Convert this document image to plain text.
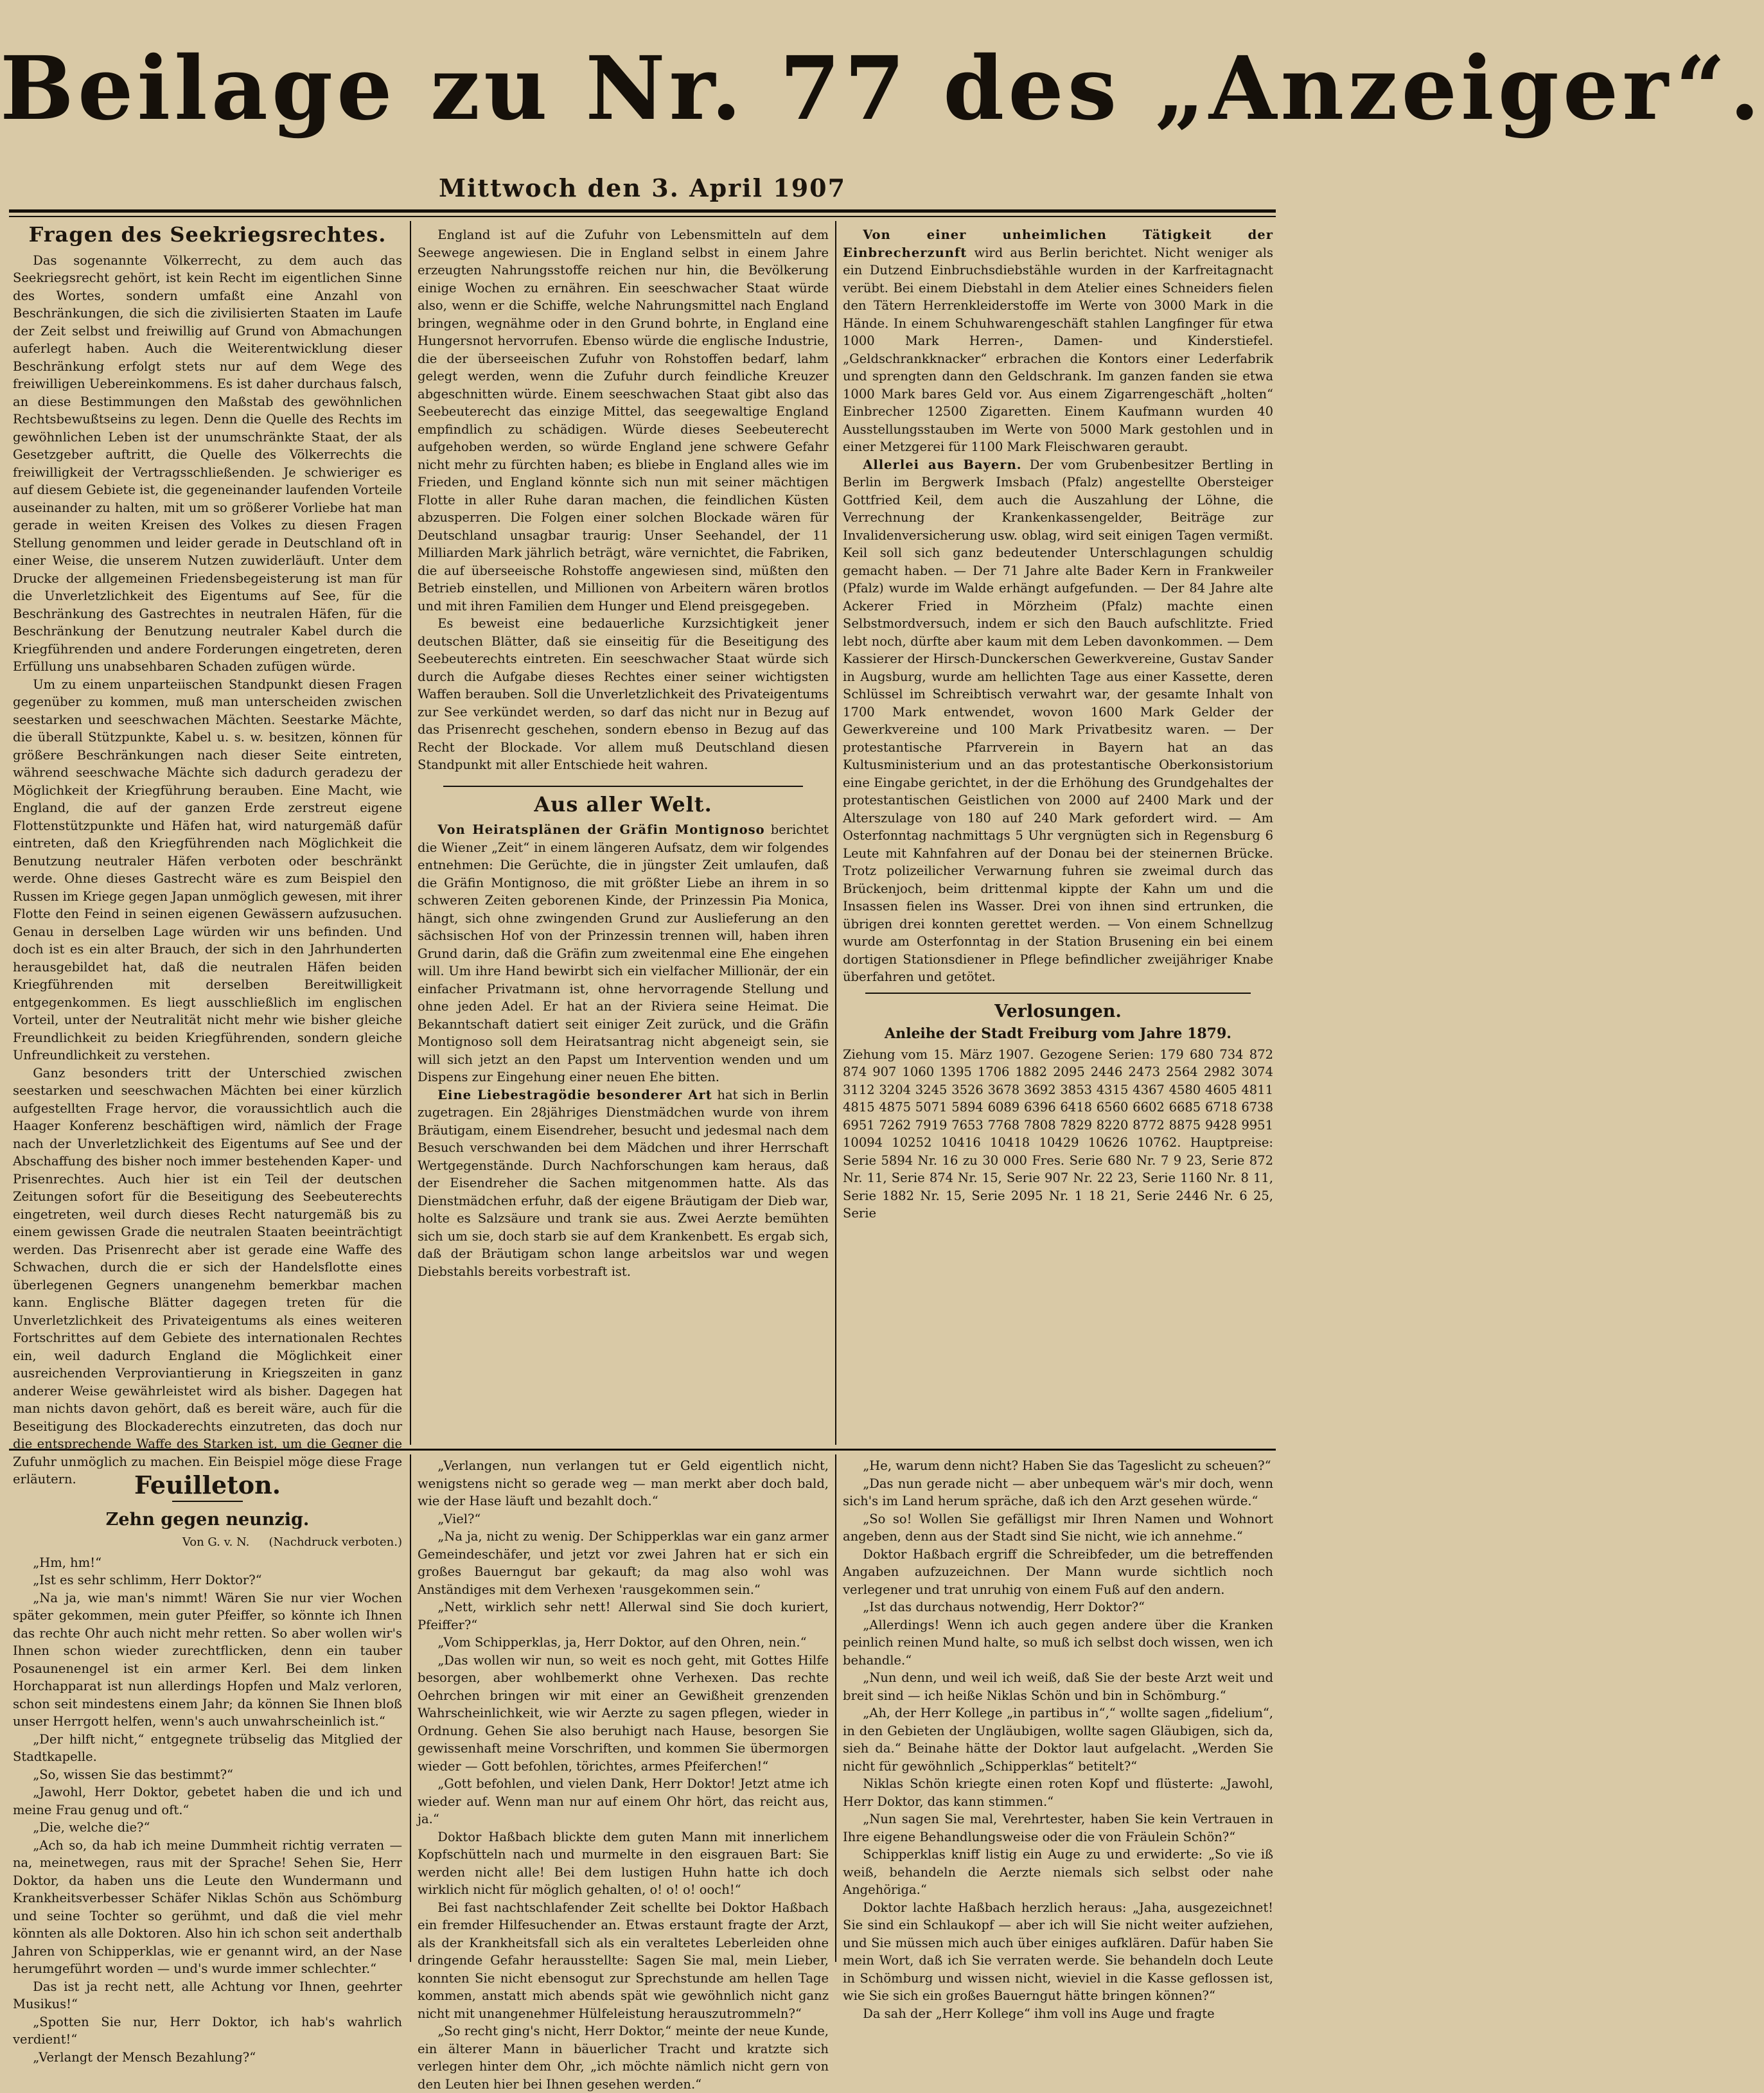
Beilage zu Nr. 77 des „Anzeiger“.
Mittwoch den 3. April 1907
Fragen des Seekriegsrechtes.

Das sogenannte Völkerrecht, zu dem auch das Seekriegsrecht gehört, ist kein Recht im eigentlichen Sinne des Wortes, sondern umfaßt eine Anzahl von Beschränkungen, die sich die zivilisierten Staaten im Laufe der Zeit selbst und freiwillig auf Grund von Abmachungen auferlegt haben. Auch die Weiterentwicklung dieser Beschränkung erfolgt stets nur auf dem Wege des freiwilligen Uebereinkommens. Es ist daher durchaus falsch, an diese Bestimmungen den Maßstab des gewöhnlichen Rechtsbewußtseins zu legen. Denn die Quelle des Rechts im gewöhnlichen Leben ist der unumschränkte Staat, der als Gesetzgeber auftritt, die Quelle des Völkerrechts die freiwilligkeit der Vertragsschließenden. Je schwieriger es auf diesem Gebiete ist, die gegeneinander laufenden Vorteile auseinander zu halten, mit um so größerer Vorliebe hat man gerade in weiten Kreisen des Volkes zu diesen Fragen Stellung genommen und leider gerade in Deutschland oft in einer Weise, die unserem Nutzen zuwiderläuft. Unter dem Drucke der allgemeinen Friedensbegeisterung ist man für die Unverletzlichkeit des Eigentums auf See, für die Beschränkung des Gastrechtes in neutralen Häfen, für die Beschränkung der Benutzung neutraler Kabel durch die Kriegführenden und andere Forderungen eingetreten, deren Erfüllung uns unabsehbaren Schaden zufügen würde.

Um zu einem unparteiischen Standpunkt diesen Fragen gegenüber zu kommen, muß man unterscheiden zwischen seestarken und seeschwachen Mächten. Seestarke Mächte, die überall Stützpunkte, Kabel u. s. w. besitzen, können für größere Beschränkungen nach dieser Seite eintreten, während seeschwache Mächte sich dadurch geradezu der Möglichkeit der Kriegführung berauben. Eine Macht, wie England, die auf der ganzen Erde zerstreut eigene Flottenstützpunkte und Häfen hat, wird naturgemäß dafür eintreten, daß den Kriegführenden nach Möglichkeit die Benutzung neutraler Häfen verboten oder beschränkt werde. Ohne dieses Gastrecht wäre es zum Beispiel den Russen im Kriege gegen Japan unmöglich gewesen, mit ihrer Flotte den Feind in seinen eigenen Gewässern aufzusuchen. Genau in derselben Lage würden wir uns befinden. Und doch ist es ein alter Brauch, der sich in den Jahrhunderten herausgebildet hat, daß die neutralen Häfen beiden Kriegführenden mit derselben Bereitwilligkeit entgegenkommen. Es liegt ausschließlich im englischen Vorteil, unter der Neutralität nicht mehr wie bisher gleiche Freundlichkeit zu beiden Kriegführenden, sondern gleiche Unfreundlichkeit zu verstehen.

Ganz besonders tritt der Unterschied zwischen seestarken und seeschwachen Mächten bei einer kürzlich aufgestellten Frage hervor, die voraussichtlich auch die Haager Konferenz beschäftigen wird, nämlich der Frage nach der Unverletzlichkeit des Eigentums auf See und der Abschaffung des bisher noch immer bestehenden Kaper- und Prisenrechtes. Auch hier ist ein Teil der deutschen Zeitungen sofort für die Beseitigung des Seebeuterechts eingetreten, weil durch dieses Recht naturgemäß bis zu einem gewissen Grade die neutralen Staaten beeinträchtigt werden. Das Prisenrecht aber ist gerade eine Waffe des Schwachen, durch die er sich der Handelsflotte eines überlegenen Gegners unangenehm bemerkbar machen kann. Englische Blätter dagegen treten für die Unverletzlichkeit des Privateigentums als eines weiteren Fortschrittes auf dem Gebiete des internationalen Rechtes ein, weil dadurch England die Möglichkeit einer ausreichenden Verproviantierung in Kriegszeiten in ganz anderer Weise gewährleistet wird als bisher. Dagegen hat man nichts davon gehört, daß es bereit wäre, auch für die Beseitigung des Blockaderechts einzutreten, das doch nur die entsprechende Waffe des Starken ist, um die Gegner die Zufuhr unmöglich zu machen. Ein Beispiel möge diese Frage erläutern.

England ist auf die Zufuhr von Lebensmitteln auf dem Seewege angewiesen. Die in England selbst in einem Jahre erzeugten Nahrungsstoffe reichen nur hin, die Bevölkerung einige Wochen zu ernähren. Ein seeschwacher Staat würde also, wenn er die Schiffe, welche Nahrungsmittel nach England bringen, wegnähme oder in den Grund bohrte, in England eine Hungersnot hervorrufen. Ebenso würde die englische Industrie, die der überseeischen Zufuhr von Rohstoffen bedarf, lahm gelegt werden, wenn die Zufuhr durch feindliche Kreuzer abgeschnitten würde. Einem seeschwachen Staat gibt also das Seebeuterecht das einzige Mittel, das seegewaltige England empfindlich zu schädigen. Würde dieses Seebeuterecht aufgehoben werden, so würde England jene schwere Gefahr nicht mehr zu fürchten haben; es bliebe in England alles wie im Frieden, und England könnte sich nun mit seiner mächtigen Flotte in aller Ruhe daran machen, die feindlichen Küsten abzusperren. Die Folgen einer solchen Blockade wären für Deutschland unsagbar traurig: Unser Seehandel, der 11 Milliarden Mark jährlich beträgt, wäre vernichtet, die Fabriken, die auf überseeische Rohstoffe angewiesen sind, müßten den Betrieb einstellen, und Millionen von Arbeitern wären brotlos und mit ihren Familien dem Hunger und Elend preisgegeben.

Es beweist eine bedauerliche Kurzsichtigkeit jener deutschen Blätter, daß sie einseitig für die Beseitigung des Seebeuterechts eintreten. Ein seeschwacher Staat würde sich durch die Aufgabe dieses Rechtes einer seiner wichtigsten Waffen berauben. Soll die Unverletzlichkeit des Privateigentums zur See verkündet werden, so darf das nicht nur in Bezug auf das Prisenrecht geschehen, sondern ebenso in Bezug auf das Recht der Blockade. Vor allem muß Deutschland diesen Standpunkt mit aller Entschiede heit wahren.

Aus aller Welt.

Von Heiratsplänen der Gräfin Montignoso berichtet die Wiener „Zeit“ in einem längeren Aufsatz, dem wir folgendes entnehmen: Die Gerüchte, die in jüngster Zeit umlaufen, daß die Gräfin Montignoso, die mit größter Liebe an ihrem in so schweren Zeiten geborenen Kinde, der Prinzessin Pia Monica, hängt, sich ohne zwingenden Grund zur Auslieferung an den sächsischen Hof von der Prinzessin trennen will, haben ihren Grund darin, daß die Gräfin zum zweitenmal eine Ehe eingehen will. Um ihre Hand bewirbt sich ein vielfacher Millionär, der ein einfacher Privatmann ist, ohne hervorragende Stellung und ohne jeden Adel. Er hat an der Riviera seine Heimat. Die Bekanntschaft datiert seit einiger Zeit zurück, und die Gräfin Montignoso soll dem Heiratsantrag nicht abgeneigt sein, sie will sich jetzt an den Papst um Intervention wenden und um Dispens zur Eingehung einer neuen Ehe bitten.

Eine Liebestragödie besonderer Art hat sich in Berlin zugetragen. Ein 28jähriges Dienstmädchen wurde von ihrem Bräutigam, einem Eisendreher, besucht und jedesmal nach dem Besuch verschwanden bei dem Mädchen und ihrer Herrschaft Wertgegenstände. Durch Nachforschungen kam heraus, daß der Eisendreher die Sachen mitgenommen hatte. Als das Dienstmädchen erfuhr, daß der eigene Bräutigam der Dieb war, holte es Salzsäure und trank sie aus. Zwei Aerzte bemühten sich um sie, doch starb sie auf dem Krankenbett. Es ergab sich, daß der Bräutigam schon lange arbeitslos war und wegen Diebstahls bereits vorbestraft ist.

Von einer unheimlichen Tätigkeit der Einbrecherzunft wird aus Berlin berichtet. Nicht weniger als ein Dutzend Einbruchsdiebstähle wurden in der Karfreitagnacht verübt. Bei einem Diebstahl in dem Atelier eines Schneiders fielen den Tätern Herrenkleiderstoffe im Werte von 3000 Mark in die Hände. In einem Schuhwarengeschäft stahlen Langfinger für etwa 1000 Mark Herren-, Damen- und Kinderstiefel. „Geldschrankknacker“ erbrachen die Kontors einer Lederfabrik und sprengten dann den Geldschrank. Im ganzen fanden sie etwa 1000 Mark bares Geld vor. Aus einem Zigarrengeschäft „holten“ Einbrecher 12500 Zigaretten. Einem Kaufmann wurden 40 Ausstellungsstauben im Werte von 5000 Mark gestohlen und in einer Metzgerei für 1100 Mark Fleischwaren geraubt.

Allerlei aus Bayern. Der vom Grubenbesitzer Bertling in Berlin im Bergwerk Imsbach (Pfalz) angestellte Obersteiger Gottfried Keil, dem auch die Auszahlung der Löhne, die Verrechnung der Krankenkassengelder, Beiträge zur Invalidenversicherung usw. oblag, wird seit einigen Tagen vermißt. Keil soll sich ganz bedeutender Unterschlagungen schuldig gemacht haben. — Der 71 Jahre alte Bader Kern in Frankweiler (Pfalz) wurde im Walde erhängt aufgefunden. — Der 84 Jahre alte Ackerer Fried in Mörzheim (Pfalz) machte einen Selbstmordversuch, indem er sich den Bauch aufschlitzte. Fried lebt noch, dürfte aber kaum mit dem Leben davonkommen. — Dem Kassierer der Hirsch-Dunckerschen Gewerkvereine, Gustav Sander in Augsburg, wurde am hellichten Tage aus einer Kassette, deren Schlüssel im Schreibtisch verwahrt war, der gesamte Inhalt von 1700 Mark entwendet, wovon 1600 Mark Gelder der Gewerkvereine und 100 Mark Privatbesitz waren. — Der protestantische Pfarrverein in Bayern hat an das Kultusministerium und an das protestantische Oberkonsistorium eine Eingabe gerichtet, in der die Erhöhung des Grundgehaltes der protestantischen Geistlichen von 2000 auf 2400 Mark und der Alterszulage von 180 auf 240 Mark gefordert wird. — Am Osterfonntag nachmittags 5 Uhr vergnügten sich in Regensburg 6 Leute mit Kahnfahren auf der Donau bei der steinernen Brücke. Trotz polizeilicher Verwarnung fuhren sie zweimal durch das Brückenjoch, beim drittenmal kippte der Kahn um und die Insassen fielen ins Wasser. Drei von ihnen sind ertrunken, die übrigen drei konnten gerettet werden. — Von einem Schnellzug wurde am Osterfonntag in der Station Brusening ein bei einem dortigen Stationsdiener in Pflege befindlicher zweijähriger Knabe überfahren und getötet.

Verlosungen.
Anleihe der Stadt Freiburg vom Jahre 1879.

Ziehung vom 15. März 1907. Gezogene Serien: 179 680 734 872 874 907 1060 1395 1706 1882 2095 2446 2473 2564 2982 3074 3112 3204 3245 3526 3678 3692 3853 4315 4367 4580 4605 4811 4815 4875 5071 5894 6089 6396 6418 6560 6602 6685 6718 6738 6951 7262 7919 7653 7768 7808 7829 8220 8772 8875 9428 9951 10094 10252 10416 10418 10429 10626 10762. Hauptpreise: Serie 5894 Nr. 16 zu 30 000 Fres. Serie 680 Nr. 7 9 23, Serie 872 Nr. 11, Serie 874 Nr. 15, Serie 907 Nr. 22 23, Serie 1160 Nr. 8 11, Serie 1882 Nr. 15, Serie 2095 Nr. 1 18 21, Serie 2446 Nr. 6 25, Serie

Feuilleton.
Zehn gegen neunzig.
Von G. v. N. (Nachdruck verboten.)

„Hm, hm!“

„Ist es sehr schlimm, Herr Doktor?“

„Na ja, wie man's nimmt! Wären Sie nur vier Wochen später gekommen, mein guter Pfeiffer, so könnte ich Ihnen das rechte Ohr auch nicht mehr retten. So aber wollen wir's Ihnen schon wieder zurechtflicken, denn ein tauber Posaunenengel ist ein armer Kerl. Bei dem linken Horchapparat ist nun allerdings Hopfen und Malz verloren, schon seit mindestens einem Jahr; da können Sie Ihnen bloß unser Herrgott helfen, wenn's auch unwahrscheinlich ist.“

„Der hilft nicht,“ entgegnete trübselig das Mitglied der Stadtkapelle.

„So, wissen Sie das bestimmt?“

„Jawohl, Herr Doktor, gebetet haben die und ich und meine Frau genug und oft.“

„Die, welche die?“

„Ach so, da hab ich meine Dummheit richtig verraten — na, meinetwegen, raus mit der Sprache! Sehen Sie, Herr Doktor, da haben uns die Leute den Wundermann und Krankheitsverbesser Schäfer Niklas Schön aus Schömburg und seine Tochter so gerühmt, und daß die viel mehr könnten als alle Doktoren. Also hin ich schon seit anderthalb Jahren von Schipperklas, wie er genannt wird, an der Nase herumgeführt worden — und's wurde immer schlechter.“

Das ist ja recht nett, alle Achtung vor Ihnen, geehrter Musikus!“

„Spotten Sie nur, Herr Doktor, ich hab's wahrlich verdient!“

„Verlangt der Mensch Bezahlung?“

„Verlangen, nun verlangen tut er Geld eigentlich nicht, wenigstens nicht so gerade weg — man merkt aber doch bald, wie der Hase läuft und bezahlt doch.“

„Viel?“

„Na ja, nicht zu wenig. Der Schipperklas war ein ganz armer Gemeindeschäfer, und jetzt vor zwei Jahren hat er sich ein großes Bauerngut bar gekauft; da mag also wohl was Anständiges mit dem Verhexen 'rausgekommen sein.“

„Nett, wirklich sehr nett! Allerwal sind Sie doch kuriert, Pfeiffer?“

„Vom Schipperklas, ja, Herr Doktor, auf den Ohren, nein.“

„Das wollen wir nun, so weit es noch geht, mit Gottes Hilfe besorgen, aber wohlbemerkt ohne Verhexen. Das rechte Oehrchen bringen wir mit einer an Gewißheit grenzenden Wahrscheinlichkeit, wie wir Aerzte zu sagen pflegen, wieder in Ordnung. Gehen Sie also beruhigt nach Hause, besorgen Sie gewissenhaft meine Vorschriften, und kommen Sie übermorgen wieder — Gott befohlen, törichtes, armes Pfeiferchen!“

„Gott befohlen, und vielen Dank, Herr Doktor! Jetzt atme ich wieder auf. Wenn man nur auf einem Ohr hört, das reicht aus, ja.“

Doktor Haßbach blickte dem guten Mann mit innerlichem Kopfschütteln nach und murmelte in den eisgrauen Bart: Sie werden nicht alle! Bei dem lustigen Huhn hatte ich doch wirklich nicht für möglich gehalten, o! o! o! ooch!“

Bei fast nachtschlafender Zeit schellte bei Doktor Haßbach ein fremder Hilfesuchender an. Etwas erstaunt fragte der Arzt, als der Krankheitsfall sich als ein veraltetes Leberleiden ohne dringende Gefahr herausstellte: Sagen Sie mal, mein Lieber, konnten Sie nicht ebensogut zur Sprechstunde am hellen Tage kommen, anstatt mich abends spät wie gewöhnlich nicht ganz nicht mit unangenehmer Hülfeleistung herauszutrommeln?“

„So recht ging's nicht, Herr Doktor,“ meinte der neue Kunde, ein älterer Mann in bäuerlicher Tracht und kratzte sich verlegen hinter dem Ohr, „ich möchte nämlich nicht gern von den Leuten hier bei Ihnen gesehen werden.“

„He, warum denn nicht? Haben Sie das Tageslicht zu scheuen?“

„Das nun gerade nicht — aber unbequem wär's mir doch, wenn sich's im Land herum spräche, daß ich den Arzt gesehen würde.“

„So so! Wollen Sie gefälligst mir Ihren Namen und Wohnort angeben, denn aus der Stadt sind Sie nicht, wie ich annehme.“

Doktor Haßbach ergriff die Schreibfeder, um die betreffenden Angaben aufzuzeichnen. Der Mann wurde sichtlich noch verlegener und trat unruhig von einem Fuß auf den andern.

„Ist das durchaus notwendig, Herr Doktor?“

„Allerdings! Wenn ich auch gegen andere über die Kranken peinlich reinen Mund halte, so muß ich selbst doch wissen, wen ich behandle.“

„Nun denn, und weil ich weiß, daß Sie der beste Arzt weit und breit sind — ich heiße Niklas Schön und bin in Schömburg.“

„Ah, der Herr Kollege „in partibus in“,“ wollte sagen „fidelium“, in den Gebieten der Ungläubigen, wollte sagen Gläubigen, sich da, sieh da.“ Beinahe hätte der Doktor laut aufgelacht. „Werden Sie nicht für gewöhnlich „Schipperklas“ betitelt?“

Niklas Schön kriegte einen roten Kopf und flüsterte: „Jawohl, Herr Doktor, das kann stimmen.“

„Nun sagen Sie mal, Verehrtester, haben Sie kein Vertrauen in Ihre eigene Behandlungsweise oder die von Fräulein Schön?“

Schipperklas kniff listig ein Auge zu und erwiderte: „So vie iß weiß, behandeln die Aerzte niemals sich selbst oder nahe Angehöriga.“

Doktor lachte Haßbach herzlich heraus: „Jaha, ausgezeichnet! Sie sind ein Schlaukopf — aber ich will Sie nicht weiter aufziehen, und Sie müssen mich auch über einiges aufklären. Dafür haben Sie mein Wort, daß ich Sie verraten werde. Sie behandeln doch Leute in Schömburg und wissen nicht, wieviel in die Kasse geflossen ist, wie Sie sich ein großes Bauerngut hätte bringen können?“

Da sah der „Herr Kollege“ ihm voll ins Auge und fragte
